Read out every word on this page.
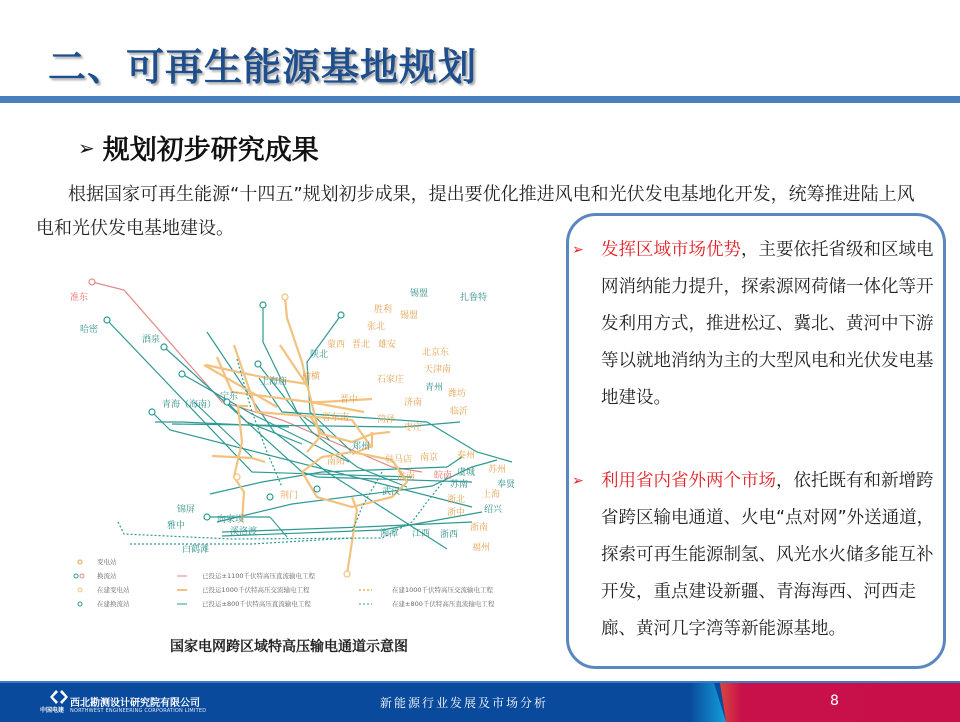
二、可再生能源基地规划
➢ 规划初步研究成果

根据国家可再生能源“十四五”规划初步成果，提出要优化推进风电和光伏发电基地化开发，统筹推进陆上风电和光伏发电基地建设。

准东
哈密
酒泉
青海（海南）
宁东
上海庙 榆横
陕北
蒙西 晋北 雄安
张北
胜利
锡盟
锡盟	扎鲁特
北京东
天津南
石家庄
青州
潍坊
晋中	济南
临沂
晋东南	菏泽
枣庄
郑州
南阳	驻马店 南京 泰州
淮南 皖南 虞城 苏州
苏南	奉贤
上海
荆门	武汉
浙北
浙中 绍兴
浙南
浙西
福州
江西
湘潭
锦屏
向家坝
雅中
溪洛渡
白鹤滩
变电站
换流站
在建变电站
在建换流站
已投运±1100千伏特高压直流输电工程
已投运1000千伏特高压交流输电工程
已投运±800千伏特高压直流输电工程
在建1000千伏特高压交流输电工程
在建±800千伏特高压直流输电工程
国家电网跨区域特高压输电通道示意图
➢ 发挥区域市场优势，主要依托省级和区域电网消纳能力提升，探索源网荷储一体化等开发利用方式，推进松辽、冀北、黄河中下游等以就地消纳为主的大型风电和光伏发电基地建设。
➢ 利用省内省外两个市场，依托既有和新增跨省跨区输电通道、火电“点对网”外送通道，探索可再生能源制氢、风光水火储多能互补开发，重点建设新疆、青海海西、河西走廊、黄河几字湾等新能源基地。
中国电建
西北勘测设计研究院有限公司
NORTHWEST ENGINEERING CORPORATION LIMITED
新能源行业发展及市场分析	8
